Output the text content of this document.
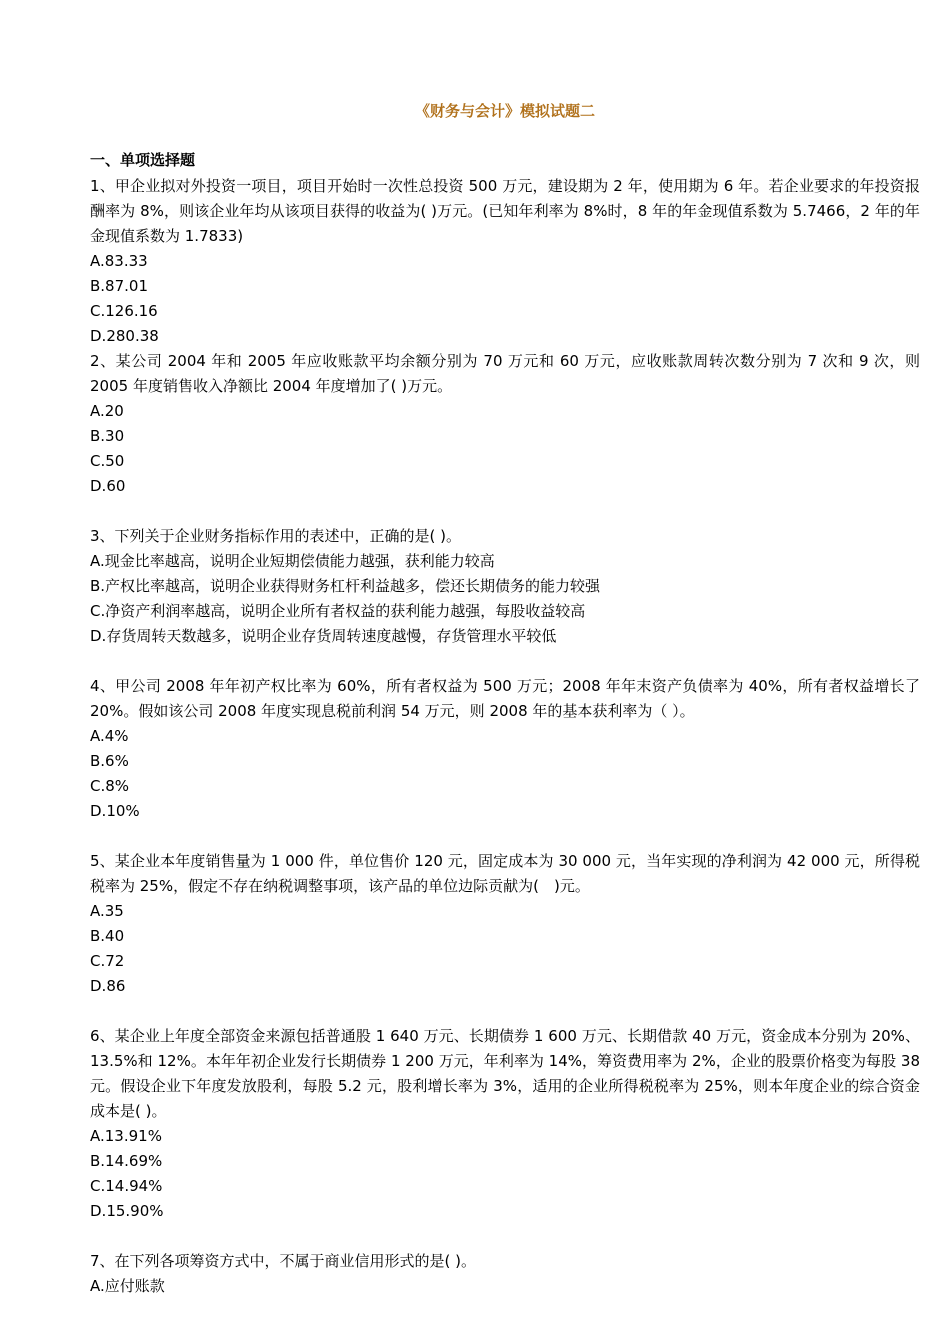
《财务与会计》模拟试题二
一、单项选择题

1、甲企业拟对外投资一项目，项目开始时一次性总投资 500 万元，建设期为 2 年，使用期为 6 年。若企业要求的年投资报酬率为 8%，则该企业年均从该项目获得的收益为( )万元。(已知年利率为 8%时，8 年的年金现值系数为 5.7466，2 年的年金现值系数为 1.7833)

A.83.33

B.87.01

C.126.16

D.280.38

2、某公司 2004 年和 2005 年应收账款平均余额分别为 70 万元和 60 万元，应收账款周转次数分别为 7 次和 9 次，则 2005 年度销售收入净额比 2004 年度增加了( )万元。

A.20

B.30

C.50

D.60

3、下列关于企业财务指标作用的表述中，正确的是( )。

A.现金比率越高，说明企业短期偿债能力越强，获利能力较高

B.产权比率越高，说明企业获得财务杠杆利益越多，偿还长期债务的能力较强

C.净资产利润率越高，说明企业所有者权益的获利能力越强，每股收益较高

D.存货周转天数越多，说明企业存货周转速度越慢，存货管理水平较低

4、甲公司 2008 年年初产权比率为 60%，所有者权益为 500 万元；2008 年年末资产负债率为 40%，所有者权益增长了 20%。假如该公司 2008 年度实现息税前利润 54 万元，则 2008 年的基本获利率为（ ）。

A.4%

B.6%

C.8%

D.10%

5、某企业本年度销售量为 1 000 件，单位售价 120 元，固定成本为 30 000 元，当年实现的净利润为 42 000 元，所得税税率为 25%，假定不存在纳税调整事项，该产品的单位边际贡献为(　)元。

A.35

B.40

C.72

D.86

6、某企业上年度全部资金来源包括普通股 1 640 万元、长期债券 1 600 万元、长期借款 40 万元，资金成本分别为 20%、13.5%和 12%。本年年初企业发行长期债券 1 200 万元，年利率为 14%，筹资费用率为 2%，企业的股票价格变为每股 38 元。假设企业下年度发放股利，每股 5.2 元，股利增长率为 3%，适用的企业所得税税率为 25%，则本年度企业的综合资金成本是( )。

A.13.91%

B.14.69%

C.14.94%

D.15.90%

7、在下列各项筹资方式中，不属于商业信用形式的是( )。

A.应付账款
